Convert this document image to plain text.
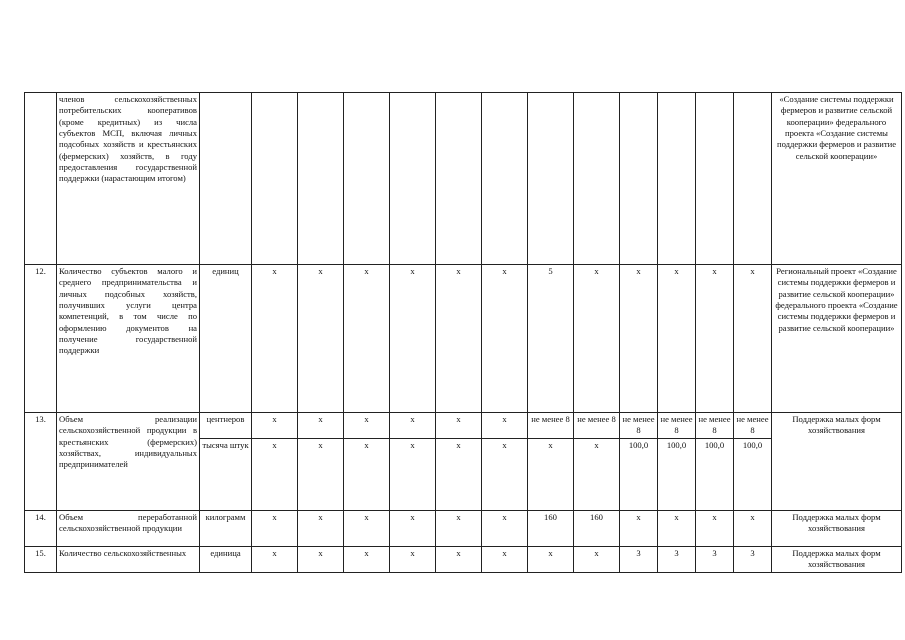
	членов сельскохозяйственных потребительских кооперативов (кроме кредитных) из числа субъектов МСП, включая личных подсобных хозяйств и крестьянских (фермерских) хозяйств, в году предоставления государственной поддержки (нарастающим итогом)														«Создание системы поддержки фермеров и развитие сельской кооперации» федерального проекта «Создание системы поддержки фермеров и развитие сельской кооперации»
12.	Количество субъектов малого и среднего предпринимательства и личных подсобных хозяйств, получивших услуги центра компетенций, в том числе по оформлению документов на получение государственной поддержки	единиц	х	х	х	х	х	х	5	х	х	х	х	х	Региональный проект «Создание системы поддержки фермеров и развитие сельской кооперации» федерального проекта «Создание системы поддержки фермеров и развитие сельской кооперации»
13.	Объем реализации сельскохозяйственной продукции в крестьянских (фермерских) хозяйствах, индивидуальных предпринимателей	центнеров	х	х	х	х	х	х	не менее 8	не менее 8	не менее 8	не менее 8	не менее 8	не менее 8	Поддержка малых форм хозяйствования
		тысяча штук	х	х	х	х	х	х	х	х	100,0	100,0	100,0	100,0	
14.	Объем переработанной сельскохозяйственной продукции	килограмм	х	х	х	х	х	х	160	160	х	х	х	х	Поддержка малых форм хозяйствования
15.	Количество сельскохозяйственных	единица	х	х	х	х	х	х	х	х	3	3	3	3	Поддержка малых форм хозяйствования
